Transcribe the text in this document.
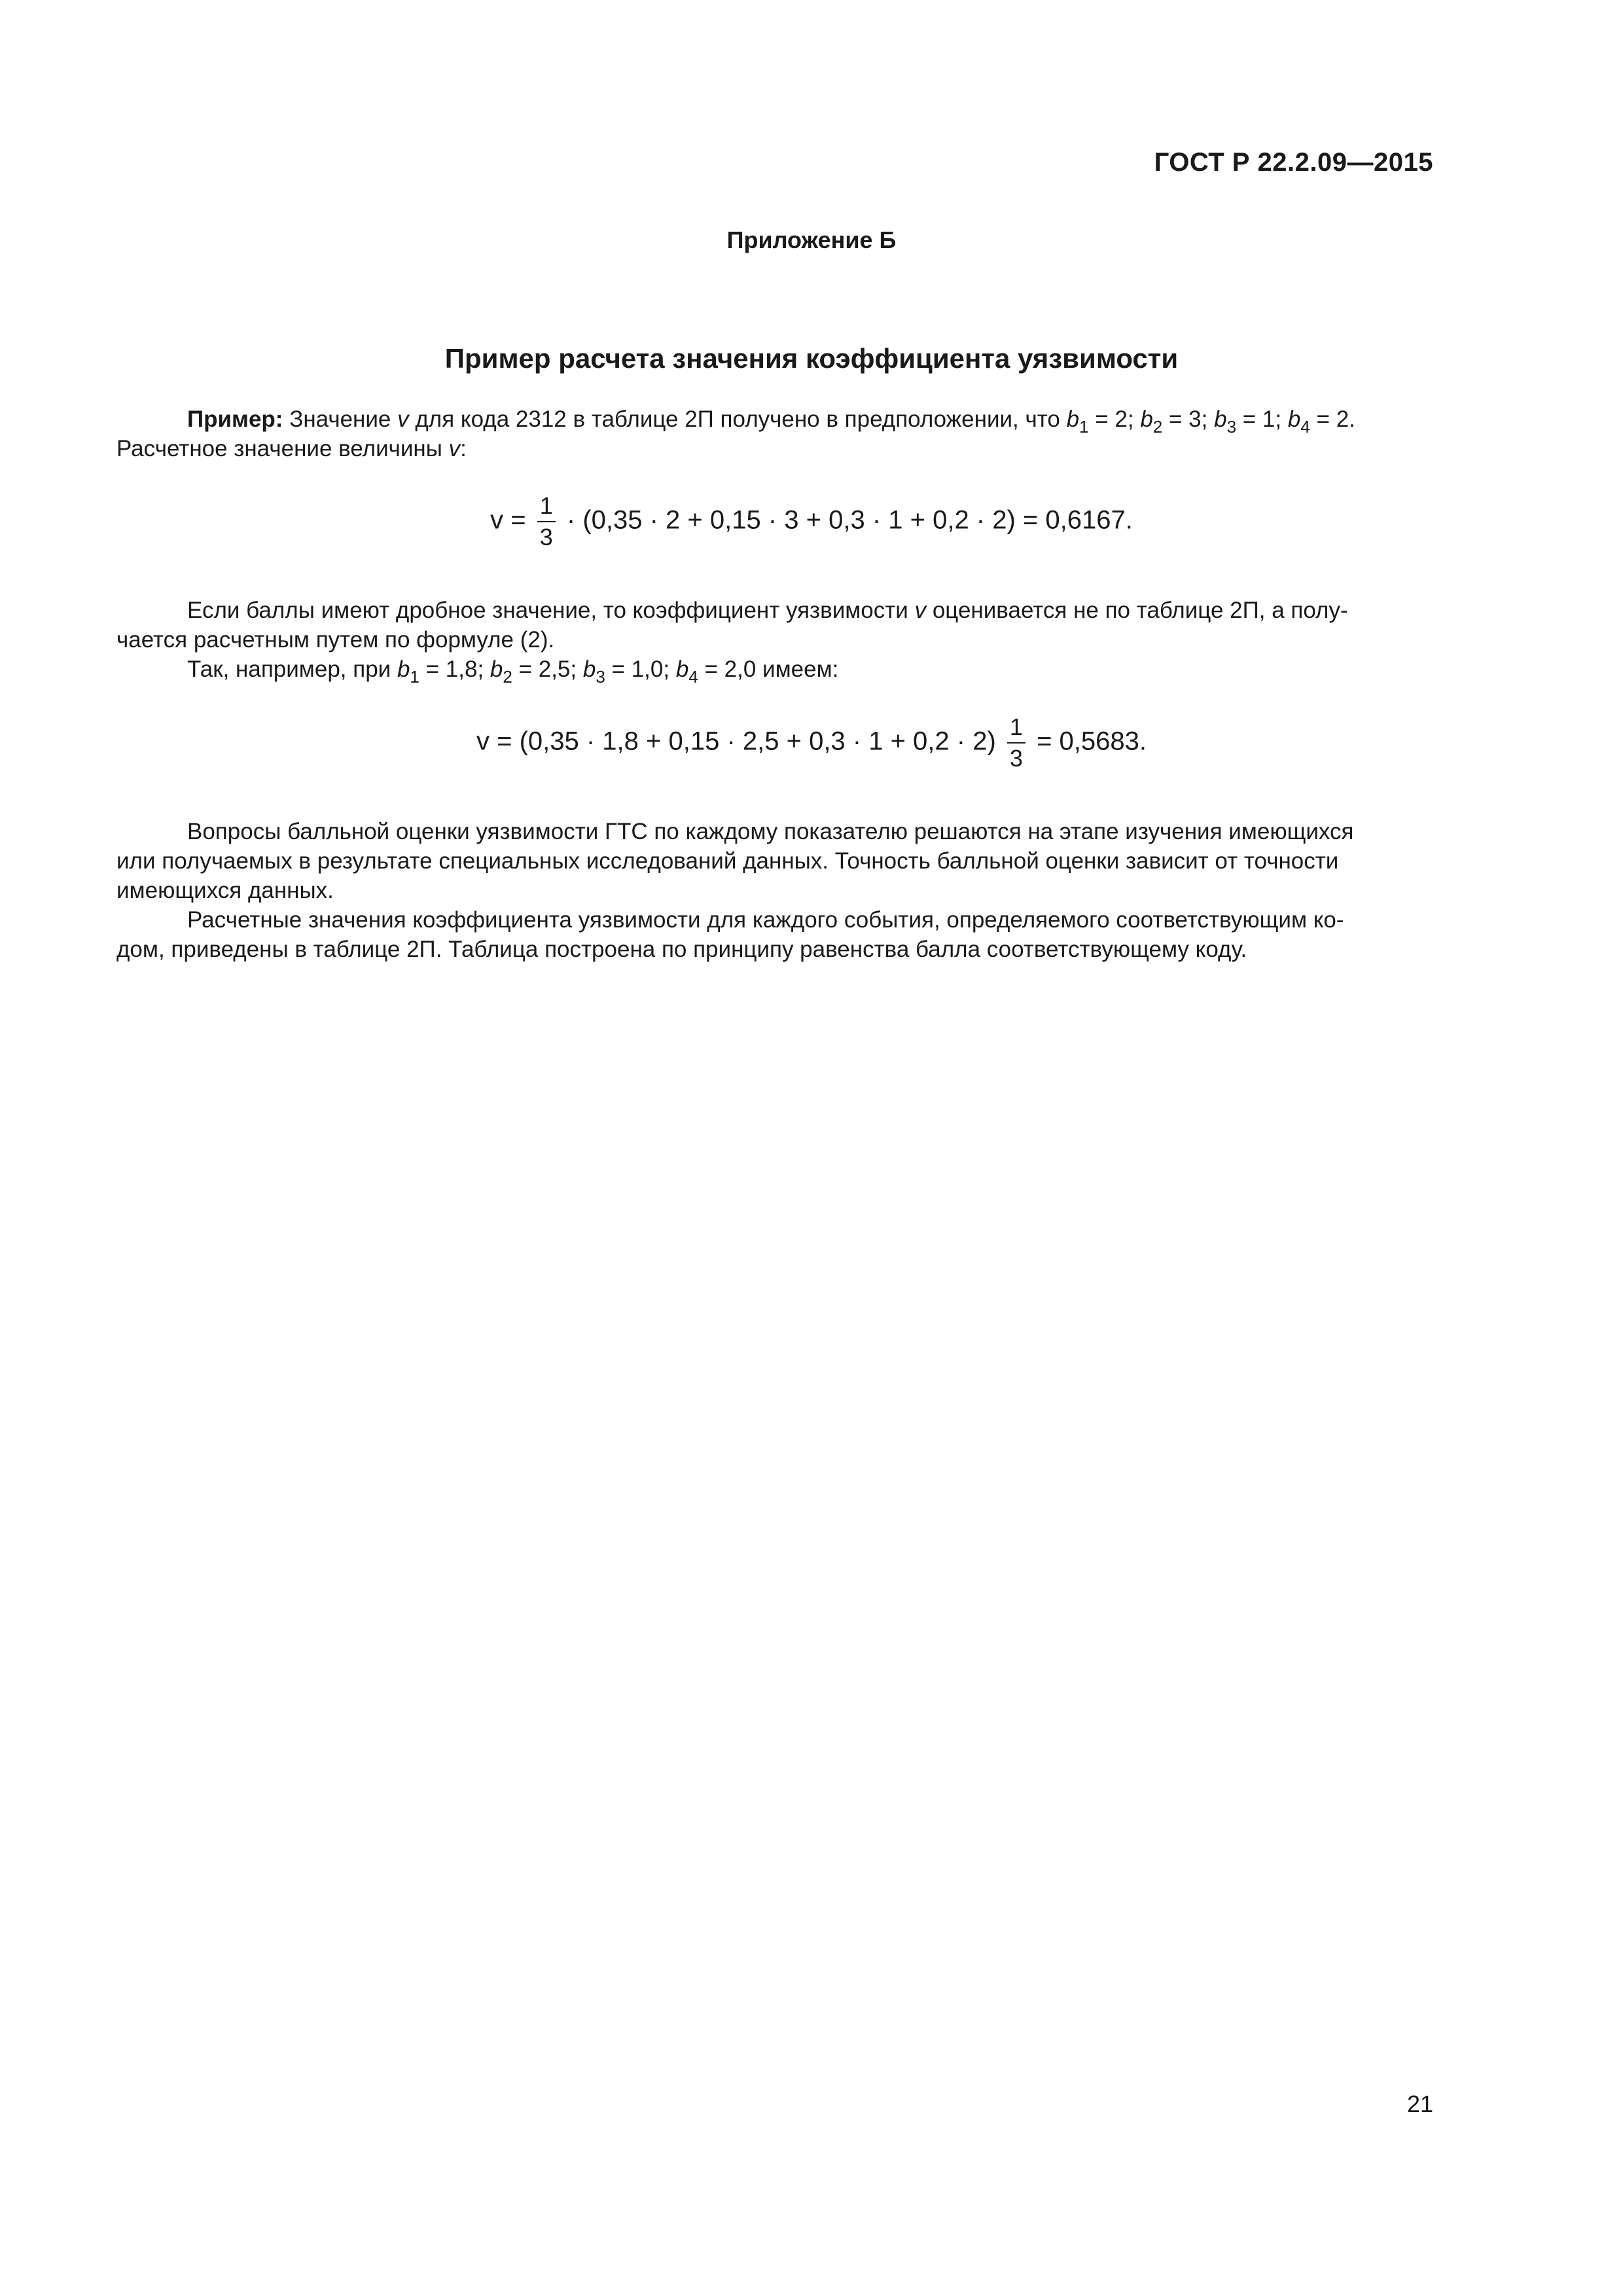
ГОСТ Р 22.2.09—2015
Приложение Б
Пример расчета значения коэффициента уязвимости
Пример: Значение v для кода 2312 в таблице 2П получено в предположении, что $b_1 = 2$; $b_2 = 3$; $b_3 = 1$; $b_4 = 2$.
Расчетное значение величины v:
$v = \frac{1}{3} \cdot (0,35 \cdot 2 + 0,15 \cdot 3 + 0,3 \cdot 1 + 0,2 \cdot 2) = 0,6167$.
Если баллы имеют дробное значение, то коэффициент уязвимости v оценивается не по таблице 2П, а полу-
чается расчетным путем по формуле (2).
Так, например, при $b_1 = 1,8$; $b_2 = 2,5$; $b_3 = 1,0$; $b_4 = 2,0$ имеем:
$v = (0,35 \cdot 1,8 + 0,15 \cdot 2,5 + 0,3 \cdot 1 + 0,2 \cdot 2) \frac{1}{3} = 0,5683$.
Вопросы балльной оценки уязвимости ГТС по каждому показателю решаются на этапе изучения имеющихся
или получаемых в результате специальных исследований данных. Точность балльной оценки зависит от точности
имеющихся данных.
Расчетные значения коэффициента уязвимости для каждого события, определяемого соответствующим ко-
дом, приведены в таблице 2П. Таблица построена по принципу равенства балла соответствующему коду.
21
